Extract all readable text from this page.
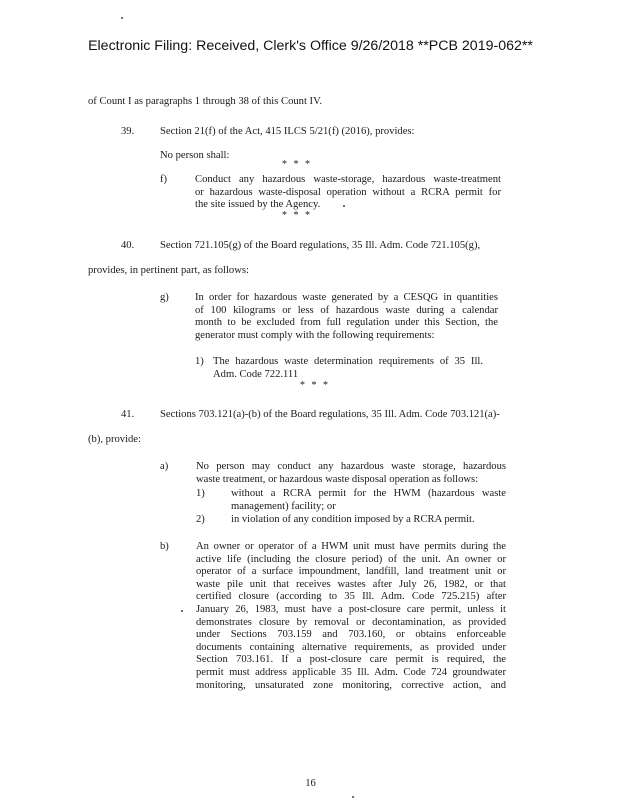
Electronic Filing: Received, Clerk's Office 9/26/2018 **PCB 2019-062**
of Count I as paragraphs 1 through 38 of this Count IV.
39. Section 21(f) of the Act, 415 ILCS 5/21(f) (2016), provides:
No person shall:
* * *
f)	Conduct any hazardous waste-storage, hazardous waste-treatment
or hazardous waste-disposal operation without a RCRA permit for
the site issued by the Agency.
* * *
40. Section 721.105(g) of the Board regulations, 35 Ill. Adm. Code 721.105(g),
provides, in pertinent part, as follows:
g) In order for hazardous waste generated by a CESQG in quantities
of 100 kilograms or less of hazardous waste during a calendar
month to be excluded from full regulation under this Section, the
generator must comply with the following requirements:
1) The hazardous waste determination requirements of 35 Ill.
Adm. Code 722.111
* * *
41. Sections 703.121(a)-(b) of the Board regulations, 35 Ill. Adm. Code 703.121(a)-
(b), provide:
a)	No person may conduct any hazardous waste storage, hazardous
waste treatment, or hazardous waste disposal operation as follows:
1) without a RCRA permit for the HWM (hazardous waste
management) facility; or
2) in violation of any condition imposed by a RCRA permit.
b)	An owner or operator of a HWM unit must have permits during the
active life (including the closure period) of the unit. An owner or
operator of a surface impoundment, landfill, land treatment unit or
waste pile unit that receives wastes after July 26, 1982, or that
certified closure (according to 35 Ill. Adm. Code 725.215) after
January 26, 1983, must have a post-closure care permit, unless it
demonstrates closure by removal or decontamination, as provided
under Sections 703.159 and 703.160, or obtains enforceable
documents containing alternative requirements, as provided under
Section 703.161. If a post-closure care permit is required, the
permit must address applicable 35 Ill. Adm. Code 724 groundwater
monitoring, unsaturated zone monitoring, corrective action, and
16
